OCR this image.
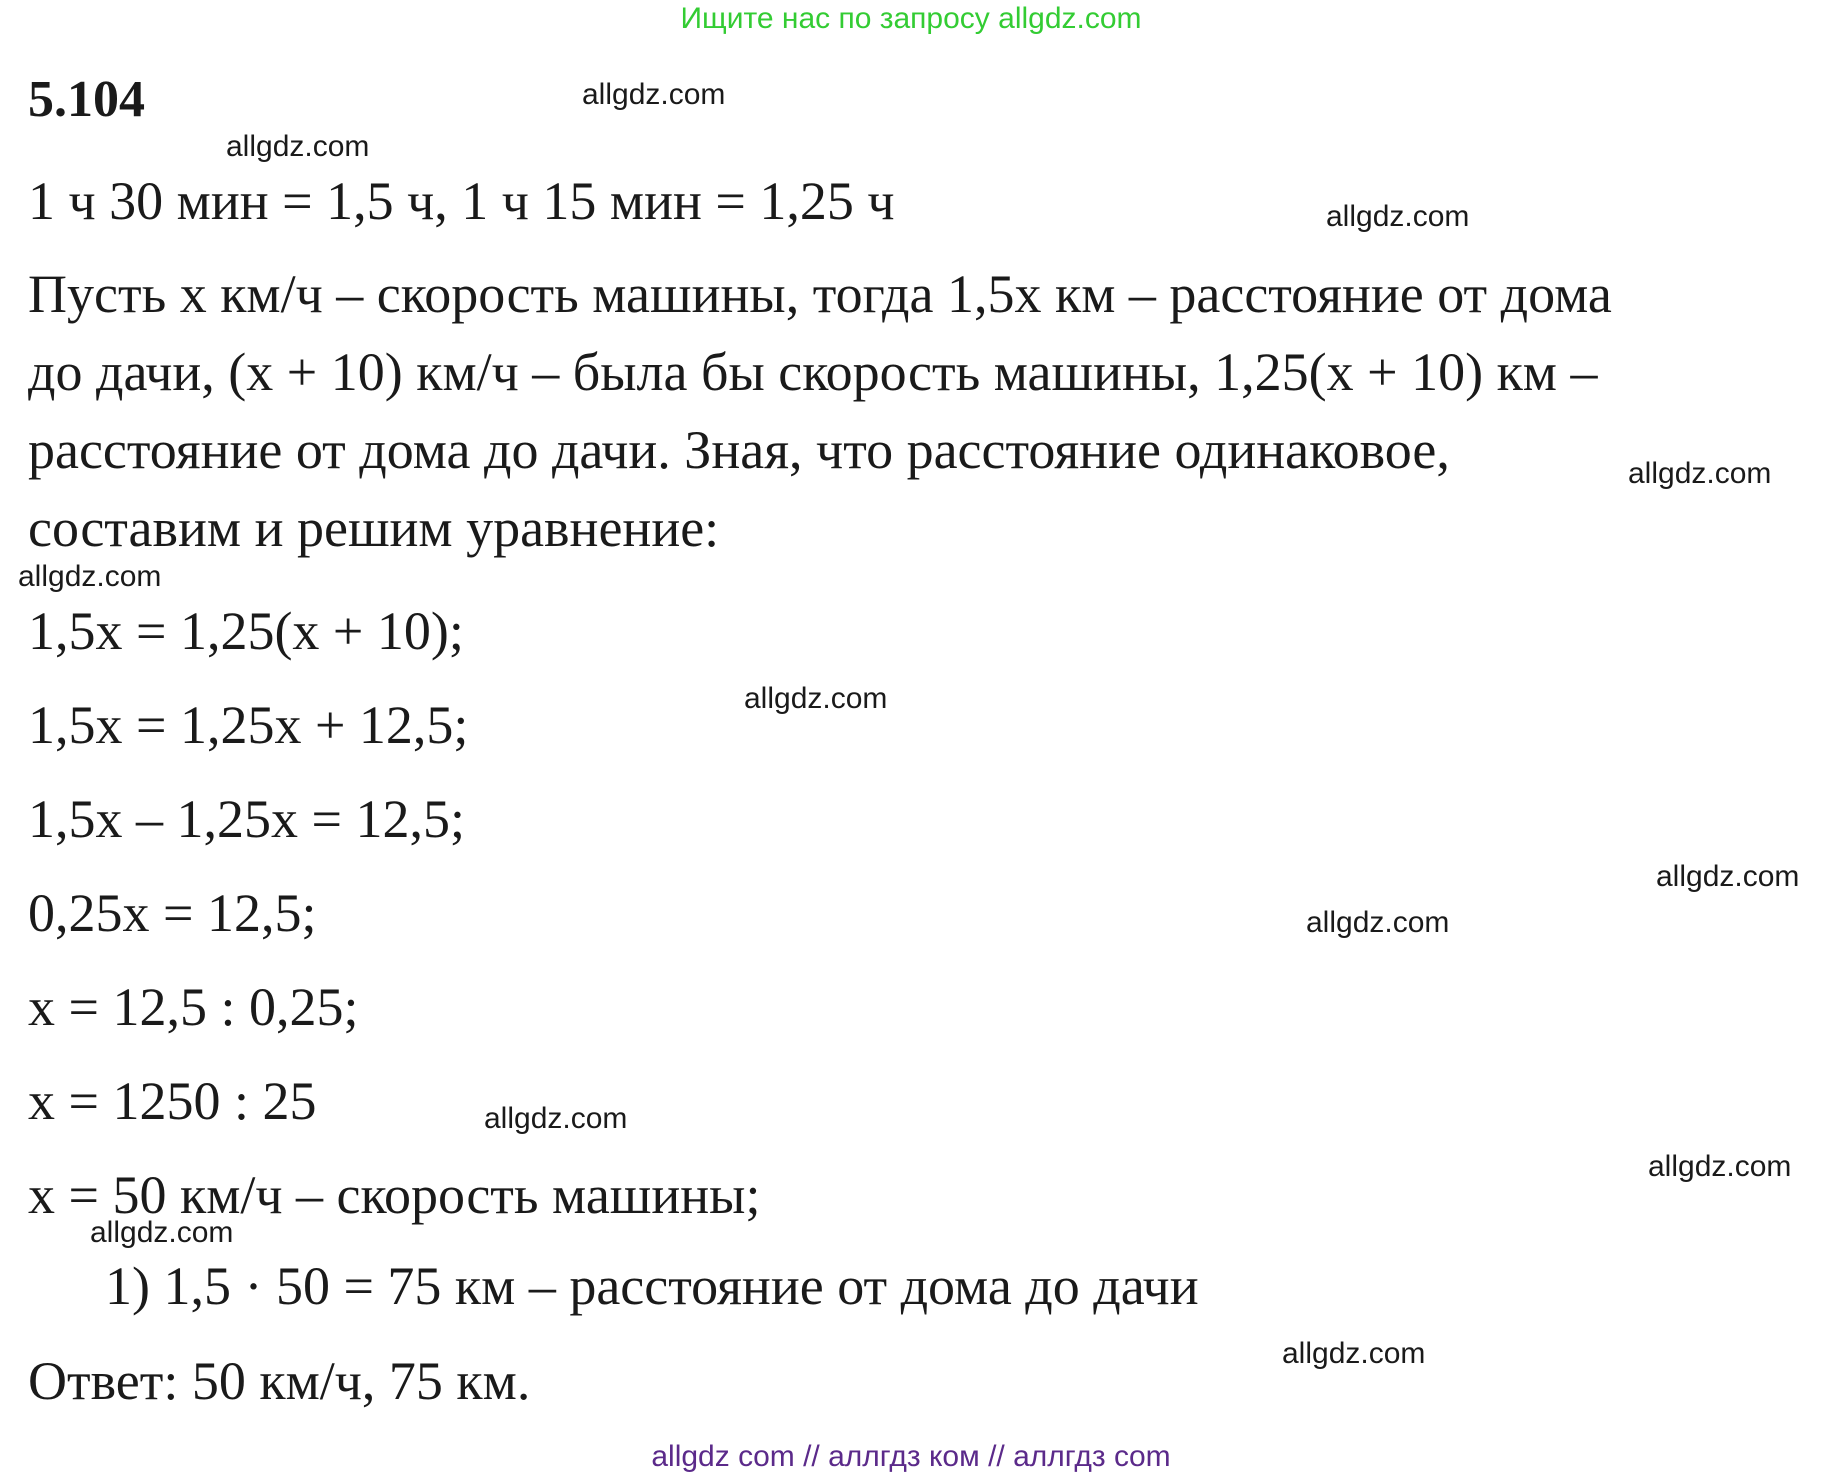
Ищите нас по запросу allgdz.com
5.104
1 ч 30 мин = 1,5 ч, 1 ч 15 мин = 1,25 ч
Пусть х км/ч – скорость машины, тогда 1,5х км – расстояние от дома
до дачи, (х + 10) км/ч – была бы скорость машины, 1,25(х + 10) км –
расстояние от дома до дачи. Зная, что расстояние одинаковое,
составим и решим уравнение:
1,5х = 1,25(х + 10);
1,5х = 1,25х + 12,5;
1,5х – 1,25х = 12,5;
0,25х = 12,5;
х = 12,5 : 0,25;
х = 1250 : 25
х = 50 км/ч – скорость машины;
1) 1,5 · 50 = 75 км – расстояние от дома до дачи
Ответ: 50 км/ч, 75 км.
allgdz.com
allgdz.com
allgdz.com
allgdz.com
allgdz.com
allgdz.com
allgdz.com
allgdz.com
allgdz.com
allgdz.com
allgdz.com
allgdz.com
allgdz com // аллгдз ком // аллгдз com
